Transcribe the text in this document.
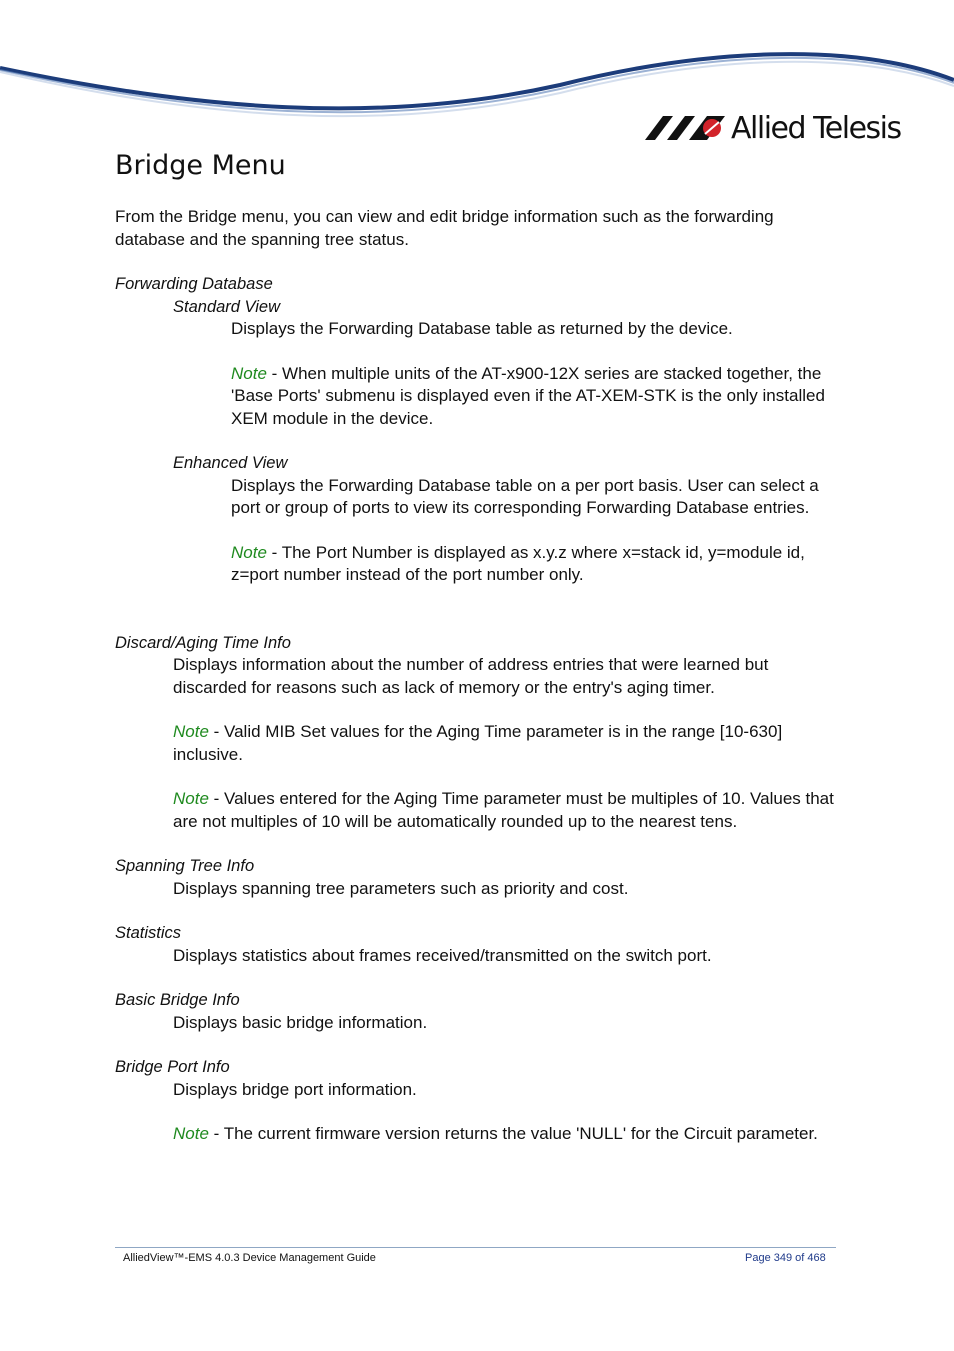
Allied Telesis
Bridge Menu

From the Bridge menu, you can view and edit bridge information such as the forwarding database and the spanning tree status.

Forwarding Database

Standard View

Displays the Forwarding Database table as returned by the device.

Note - When multiple units of the AT-x900-12X series are stacked together, the 'Base Ports' submenu is displayed even if the AT-XEM-STK is the only installed XEM module in the device.

Enhanced View

Displays the Forwarding Database table on a per port basis. User can select a port or group of ports to view its corresponding Forwarding Database entries.

Note - The Port Number is displayed as x.y.z where x=stack id, y=module id, z=port number instead of the port number only.

Discard/Aging Time Info

Displays information about the number of address entries that were learned but discarded for reasons such as lack of memory or the entry's aging timer.

Note - Valid MIB Set values for the Aging Time parameter is in the range [10-630] inclusive.

Note - Values entered for the Aging Time parameter must be multiples of 10. Values that are not multiples of 10 will be automatically rounded up to the nearest tens.

Spanning Tree Info

Displays spanning tree parameters such as priority and cost.

Statistics

Displays statistics about frames received/transmitted on the switch port.

Basic Bridge Info

Displays basic bridge information.

Bridge Port Info

Displays bridge port information.

Note - The current firmware version returns the value 'NULL' for the Circuit parameter.

AlliedView™-EMS 4.0.3 Device Management Guide	Page 349 of 468
